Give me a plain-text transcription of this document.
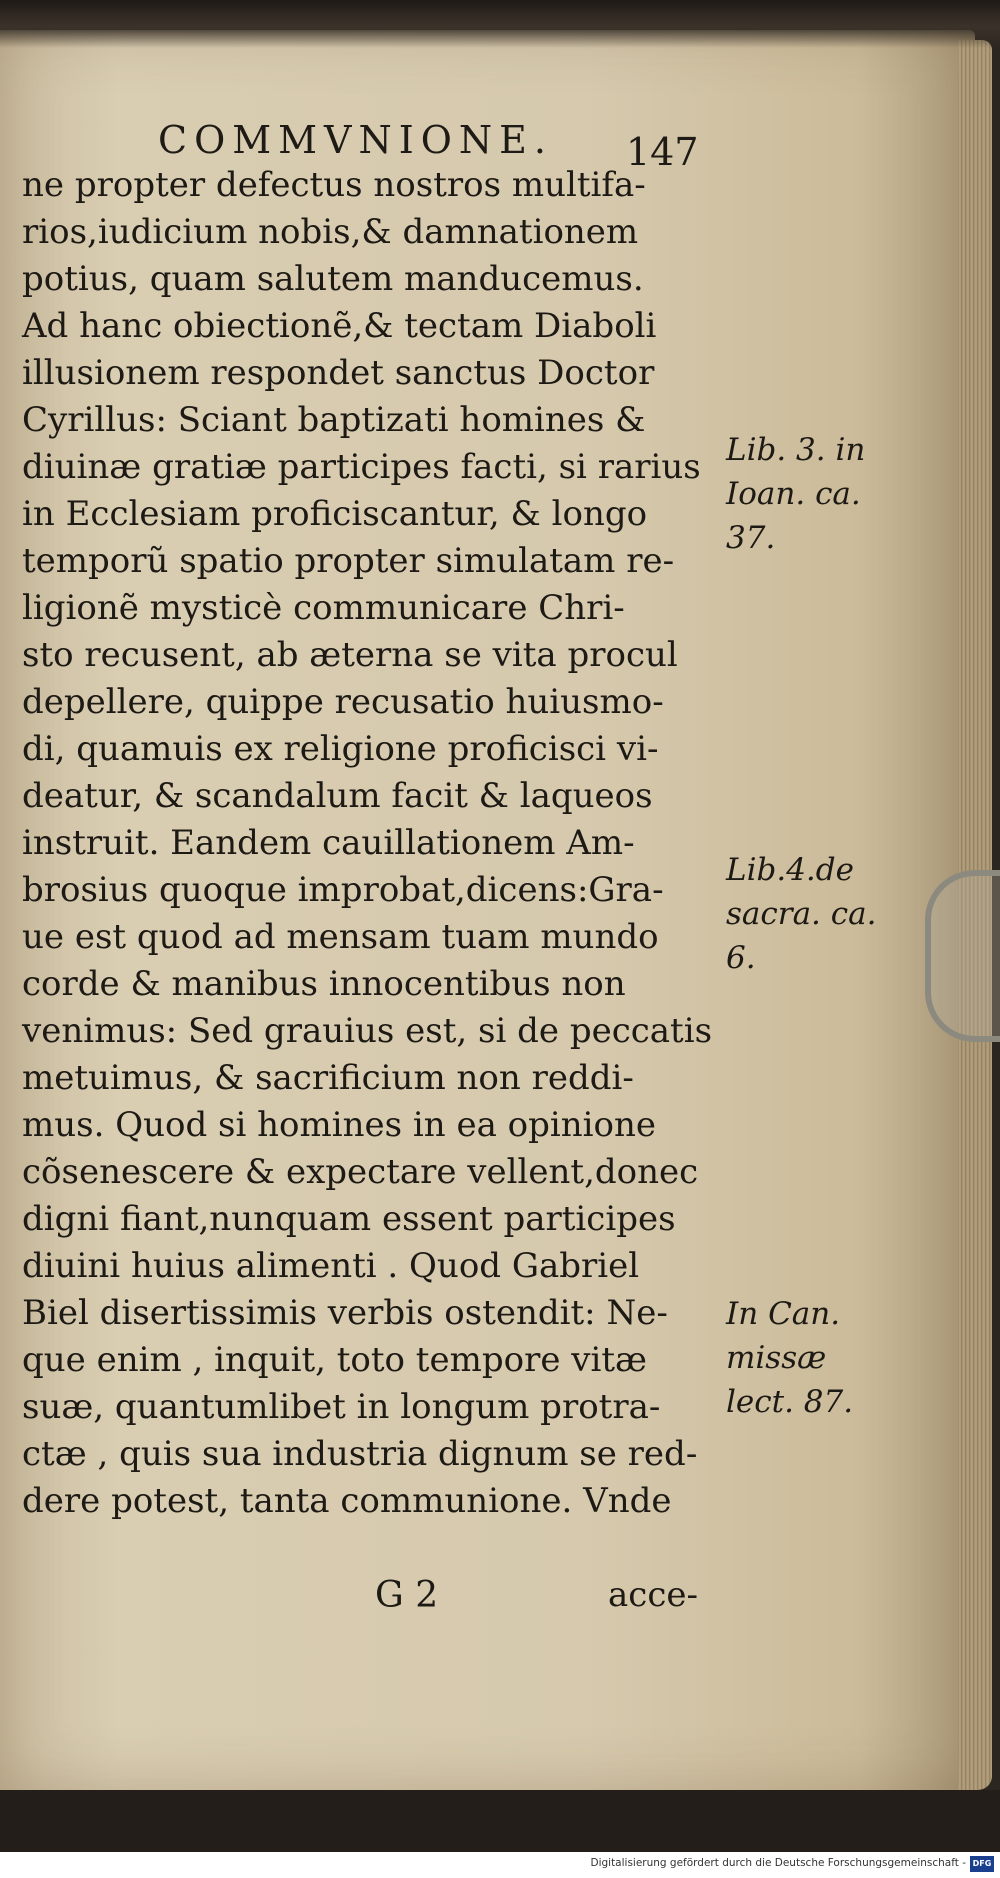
COMMVNIONE. 147
ne propter defectus nostros multifa-
rios,iudicium nobis,& damnationem
potius, quam salutem manducemus.
Ad hanc obiectionẽ,& tectam Diaboli
illusionem respondet sanctus Doctor
Cyrillus: Sciant baptizati homines &
diuinæ gratiæ participes facti, si rarius
in Ecclesiam proficiscantur, & longo
temporũ spatio propter simulatam re-
ligionẽ mysticè communicare Chri-
sto recusent, ab æterna se vita procul
depellere, quippe recusatio huiusmo-
di, quamuis ex religione proficisci vi-
deatur, & scandalum facit & laqueos
instruit. Eandem cauillationem Am-
brosius quoque improbat,dicens:Gra-
ue est quod ad mensam tuam mundo
corde & manibus innocentibus non
venimus: Sed grauius est, si de peccatis
metuimus, & sacrificium non reddi-
mus. Quod si homines in ea opinione
cõsenescere & expectare vellent,donec
digni fiant,nunquam essent participes
diuini huius alimenti . Quod Gabriel
Biel disertissimis verbis ostendit: Ne-
que enim , inquit, toto tempore vitæ
suæ, quantumlibet in longum protra-
ctæ , quis sua industria dignum se red-
dere potest, tanta communione. Vnde
Lib. 3. in
Ioan. ca.
37.
Lib.4.de
sacra. ca.
6.
In Can.
missæ
lect. 87.
G 2	acce-
Digitalisierung gefördert durch die Deutsche Forschungsgemeinschaft - DFG
